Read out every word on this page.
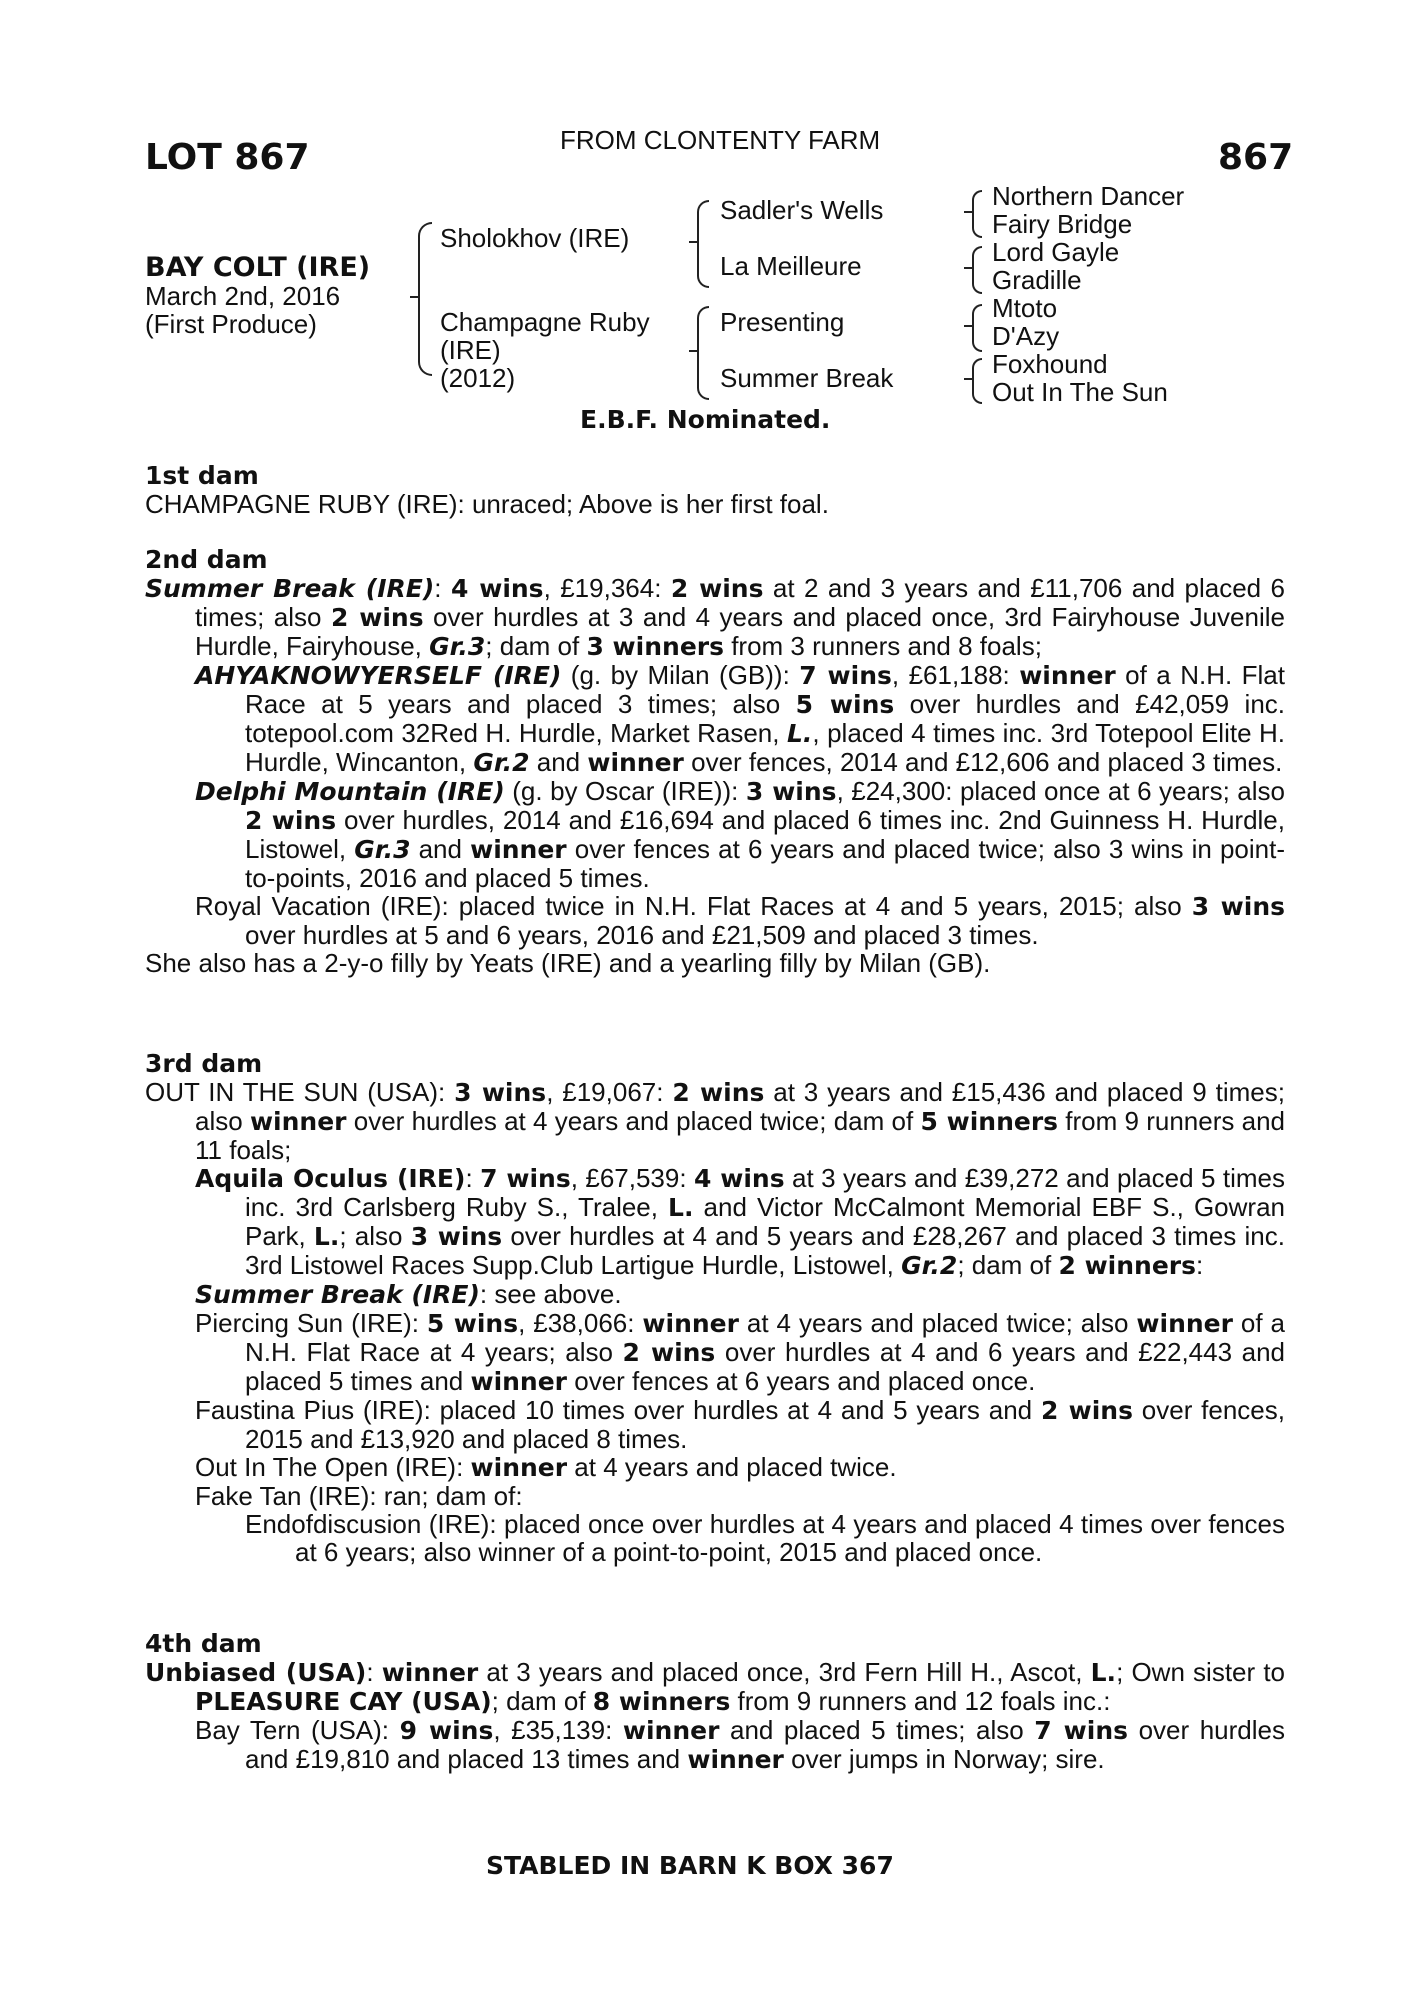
LOT 867	FROM CLONTENTY FARM	867
BAY COLT (IRE)
March 2nd, 2016
(First Produce)
Sholokhov (IRE)
Champagne Ruby
(IRE)
(2012)
Sadler's Wells
La Meilleure
Presenting
Summer Break
Northern Dancer
Fairy Bridge
Lord Gayle
Gradille
Mtoto
D'Azy
Foxhound
Out In The Sun
E.B.F. Nominated.

1st dam

CHAMPAGNE RUBY (IRE): unraced; Above is her first foal.

2nd dam

Summer Break (IRE): 4 wins, £19,364: 2 wins at 2 and 3 years and £11,706 and placed 6 times; also 2 wins over hurdles at 3 and 4 years and placed once, 3rd Fairyhouse Juvenile Hurdle, Fairyhouse, Gr.3; dam of 3 winners from 3 runners and 8 foals;

AHYAKNOWYERSELF (IRE) (g. by Milan (GB)): 7 wins, £61,188: winner of a N.H. Flat Race at 5 years and placed 3 times; also 5 wins over hurdles and £42,059 inc. totepool.com 32Red H. Hurdle, Market Rasen, L., placed 4 times inc. 3rd Totepool Elite H. Hurdle, Wincanton, Gr.2 and winner over fences, 2014 and £12,606 and placed 3 times.

Delphi Mountain (IRE) (g. by Oscar (IRE)): 3 wins, £24,300: placed once at 6 years; also 2 wins over hurdles, 2014 and £16,694 and placed 6 times inc. 2nd Guinness H. Hurdle, Listowel, Gr.3 and winner over fences at 6 years and placed twice; also 3 wins in point-to-points, 2016 and placed 5 times.

Royal Vacation (IRE): placed twice in N.H. Flat Races at 4 and 5 years, 2015; also 3 wins over hurdles at 5 and 6 years, 2016 and £21,509 and placed 3 times.

She also has a 2-y-o filly by Yeats (IRE) and a yearling filly by Milan (GB).

3rd dam

OUT IN THE SUN (USA): 3 wins, £19,067: 2 wins at 3 years and £15,436 and placed 9 times; also winner over hurdles at 4 years and placed twice; dam of 5 winners from 9 runners and 11 foals;

Aquila Oculus (IRE): 7 wins, £67,539: 4 wins at 3 years and £39,272 and placed 5 times inc. 3rd Carlsberg Ruby S., Tralee, L. and Victor McCalmont Memorial EBF S., Gowran Park, L.; also 3 wins over hurdles at 4 and 5 years and £28,267 and placed 3 times inc. 3rd Listowel Races Supp.Club Lartigue Hurdle, Listowel, Gr.2; dam of 2 winners:

Summer Break (IRE): see above.

Piercing Sun (IRE): 5 wins, £38,066: winner at 4 years and placed twice; also winner of a N.H. Flat Race at 4 years; also 2 wins over hurdles at 4 and 6 years and £22,443 and placed 5 times and winner over fences at 6 years and placed once.

Faustina Pius (IRE): placed 10 times over hurdles at 4 and 5 years and 2 wins over fences, 2015 and £13,920 and placed 8 times.

Out In The Open (IRE): winner at 4 years and placed twice.

Fake Tan (IRE): ran; dam of:

Endofdiscusion (IRE): placed once over hurdles at 4 years and placed 4 times over fences at 6 years; also winner of a point-to-point, 2015 and placed once.

4th dam

Unbiased (USA): winner at 3 years and placed once, 3rd Fern Hill H., Ascot, L.; Own sister to PLEASURE CAY (USA); dam of 8 winners from 9 runners and 12 foals inc.:

Bay Tern (USA): 9 wins, £35,139: winner and placed 5 times; also 7 wins over hurdles and £19,810 and placed 13 times and winner over jumps in Norway; sire.

STABLED IN BARN K BOX 367
